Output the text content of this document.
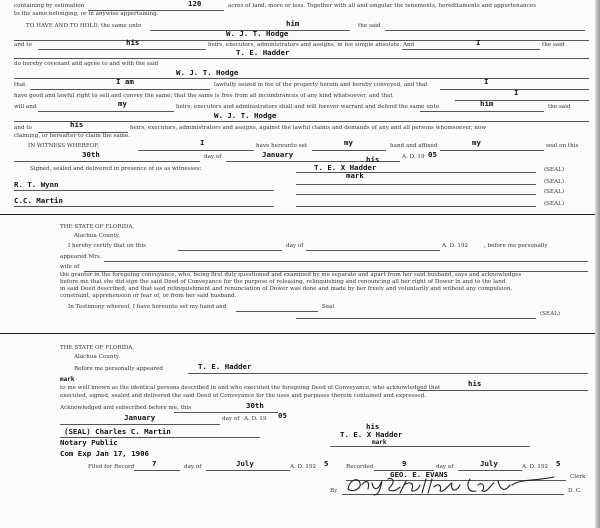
containing by estimation	120	acres of land, more or less. Together with all and singular the tenements, hereditaments and appurtenances
to the same belonging, or in anywise appertaining.
TO HAVE AND TO HOLD, the same unto	him	the said
W. J. T. Hodge
and to	his	heirs, executors, administrators and assigns, in fee simple absolute. And	I	the said
T. E. Hadder
do hereby covenant and agree to and with the said
W. J. T. Hodge
that	I am	lawfully seized in fee of the property herein and hereby conveyed, and that	I
have good and lawful right to sell and convey the same; that the same is free from all incumbrances of any kind whatsoever, and that	I
will and	my	heirs, executors and administrators shall and will forever warrant and defend the same unto	him	the said
W. J. T. Hodge
and to	his	heirs, executors, administrators and assigns, against the lawful claims and demands of any and all persons whomsoever, now
claiming, or hereafter to claim the same.
IN WITNESS WHEREOF,	I	have hereunto set	my	hand and affixed	my	seal on this
30th	day of	January	A. D. 19 05
Signed, sealed and delivered in presence of us as witnesses:
his
T. E. X Hadder
mark
(SEAL)
(SEAL)
R. T. Wynn
(SEAL)
C.C. Martin	(SEAL)
THE STATE OF FLORIDA,
Alachua County.
I hereby certify that on this	day of	A. D. 192	, before me personally
appeared Mrs.
wife of
the grantor in the foregoing conveyance, who, being first duly questioned and examined by me separate and apart from her said husband, says and acknowledges
before me that she did sign the said Deed of Conveyance for the purpose of releasing, relinquishing and renouncing all her right of Dower in and to the land
in said Deed described, and that said relinquishment and renunciation of Dower was done and made by her freely and voluntarily and without any compulsion,
constraint, apprehension or fear of, or from her said husband.
In Testimony whereof, I have hereunto set my hand and	Seal
(SEAL)
THE STATE OF FLORIDA,
Alachua County.
Before me personally appeared	T. E. Hadder
mark
to me well known as the identical persons described in and who executed the foregoing Deed of Conveyance, who acknowledged that	his
executed, signed, sealed and delivered the said Deed of Conveyance for the uses and purposes therein contained and expressed.
Acknowledged and subscribed before me, this	30th
January	day of A. D. 19 05
(SEAL) Charles C. Martin
Notary Public
Com Exp Jan 17, 1906
his
T. E. X Hadder
mark
Filed for Record 7	day of	July	A. D. 192 5	Recorded	9	day of	July	A. D. 192 5
GEO. E. EVANS	Clerk
By	D. C.
